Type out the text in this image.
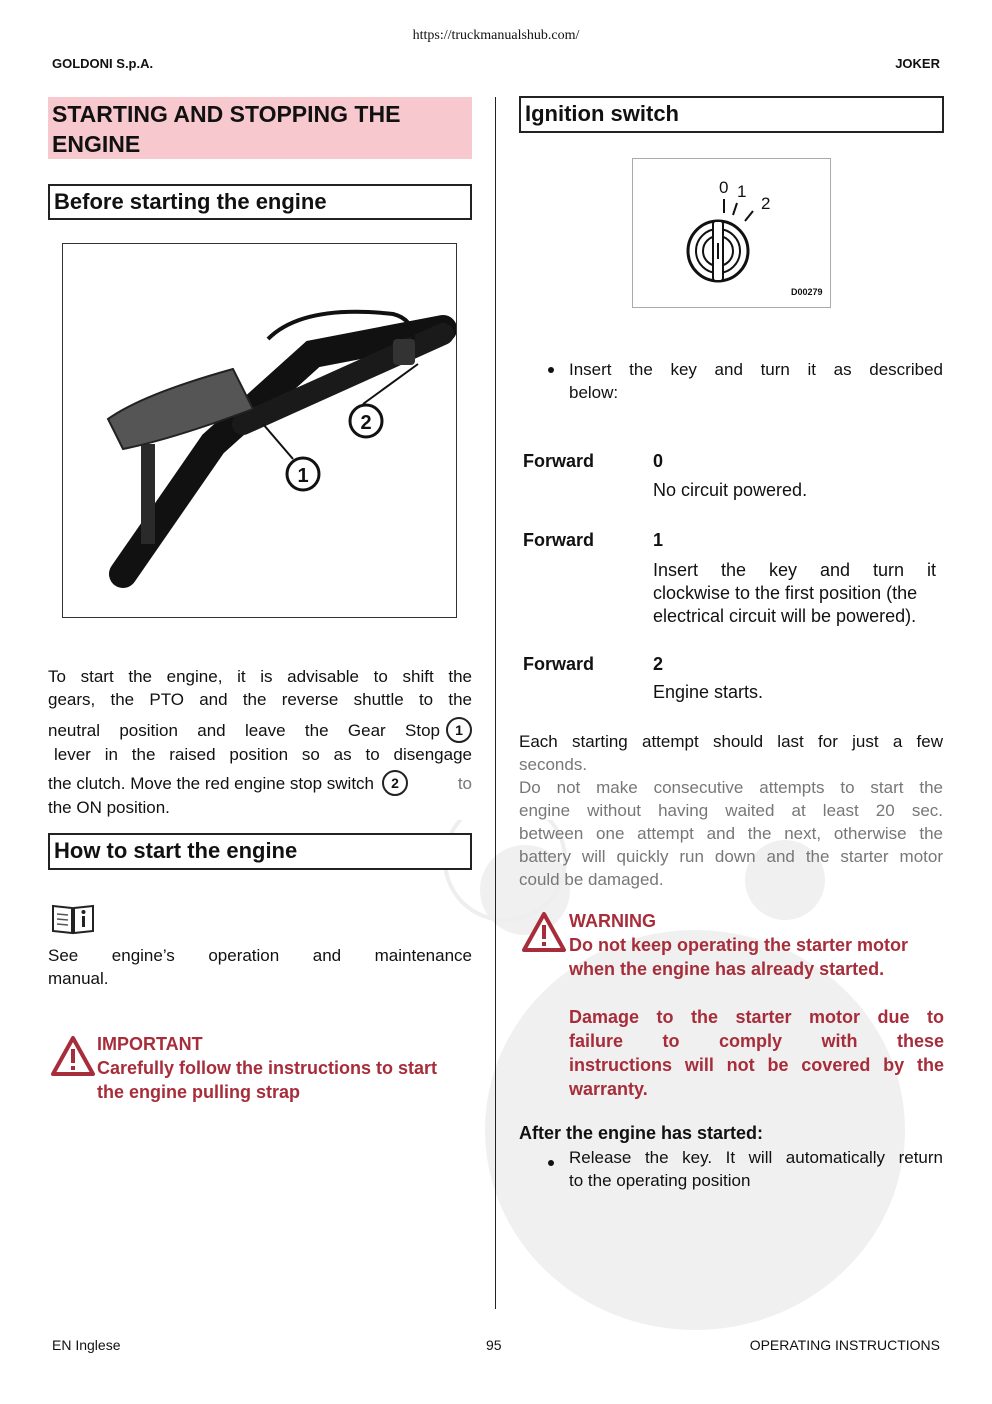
https://truckmanualshub.com/
GOLDONI S.p.A.	JOKER
STARTING AND STOPPING THE
ENGINE
Before starting the engine
1
2
To start the engine, it is advisable to shift the
gears, the PTO and the reverse shuttle to the
neutral position and leave the Gear Stop	1
lever in the raised position so as to disengage
the clutch. Move the red engine stop switch	2	to
the ON position.
How to start the engine
See engine’s operation and maintenance
manual.
IMPORTANT
Carefully follow the instructions to start
the engine pulling strap
Ignition switch
0 1
2
D00279
Insert the key and turn it as described
below:
Forward	0
No circuit powered.
Forward	1
Insert the key and turn it
clockwise to the first position (the
electrical circuit will be powered).
Forward	2
Engine starts.
Each starting attempt should last for just a few
seconds.
Do not make consecutive attempts to start the
engine without having waited at least 20 sec.
between one attempt and the next, otherwise the
battery will quickly run down and the starter motor
could be damaged.
WARNING
Do not keep operating the starter motor
when the engine has already started.
Damage to the starter motor due to
failure to comply with these
instructions will not be covered by the
warranty.
After the engine has started:
Release the key. It will automatically return
to the operating position
EN Inglese	95	OPERATING INSTRUCTIONS
